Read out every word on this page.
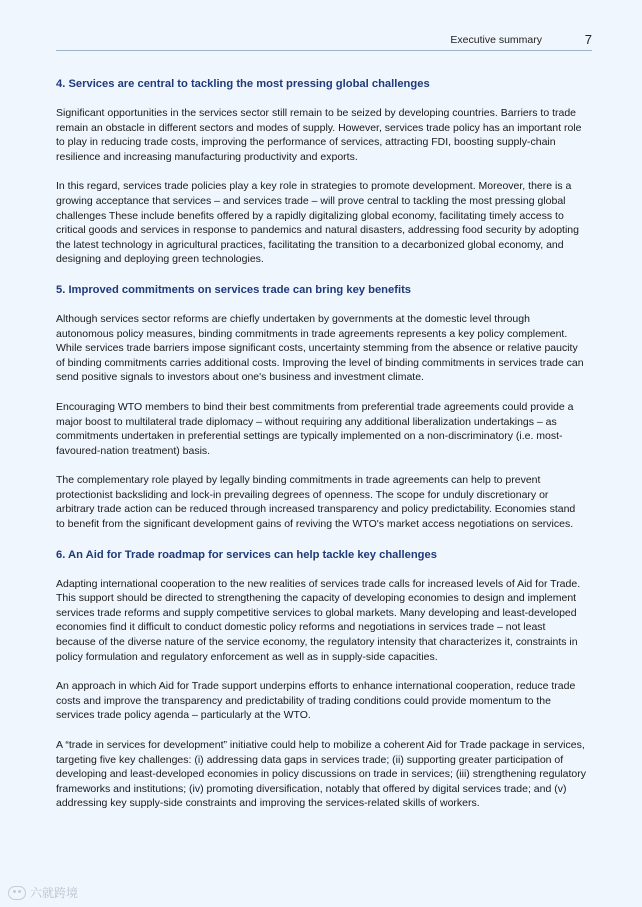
Executive summary	7
4. Services are central to tackling the most pressing global challenges

Significant opportunities in the services sector still remain to be seized by developing countries. Barriers to trade remain an obstacle in different sectors and modes of supply. However, services trade policy has an important role to play in reducing trade costs, improving the performance of services, attracting FDI, boosting supply-chain resilience and increasing manufacturing productivity and exports.

In this regard, services trade policies play a key role in strategies to promote development. Moreover, there is a growing acceptance that services – and services trade – will prove central to tackling the most pressing global challenges These include benefits offered by a rapidly digitalizing global economy, facilitating timely access to critical goods and services in response to pandemics and natural disasters, addressing food security by adopting the latest technology in agricultural practices, facilitating the transition to a decarbonized global economy, and designing and deploying green technologies.

5. Improved commitments on services trade can bring key benefits

Although services sector reforms are chiefly undertaken by governments at the domestic level through autonomous policy measures, binding commitments in trade agreements represents a key policy complement. While services trade barriers impose significant costs, uncertainty stemming from the absence or relative paucity of binding commitments carries additional costs. Improving the level of binding commitments in services trade can send positive signals to investors about one's business and investment climate.

Encouraging WTO members to bind their best commitments from preferential trade agreements could provide a major boost to multilateral trade diplomacy – without requiring any additional liberalization undertakings – as commitments undertaken in preferential settings are typically implemented on a non-discriminatory (i.e. most-favoured-nation treatment) basis.

The complementary role played by legally binding commitments in trade agreements can help to prevent protectionist backsliding and lock-in prevailing degrees of openness. The scope for unduly discretionary or arbitrary trade action can be reduced through increased transparency and policy predictability. Economies stand to benefit from the significant development gains of reviving the WTO's market access negotiations on services.

6. An Aid for Trade roadmap for services can help tackle key challenges

Adapting international cooperation to the new realities of services trade calls for increased levels of Aid for Trade. This support should be directed to strengthening the capacity of developing economies to design and implement services trade reforms and supply competitive services to global markets. Many developing and least-developed economies find it difficult to conduct domestic policy reforms and negotiations in services trade – not least because of the diverse nature of the service economy, the regulatory intensity that characterizes it, constraints in policy formulation and regulatory enforcement as well as in supply-side capacities.

An approach in which Aid for Trade support underpins efforts to enhance international cooperation, reduce trade costs and improve the transparency and predictability of trading conditions could provide momentum to the services trade policy agenda – particularly at the WTO.

A “trade in services for development” initiative could help to mobilize a coherent Aid for Trade package in services, targeting five key challenges: (i) addressing data gaps in services trade; (ii) supporting greater participation of developing and least-developed economies in policy discussions on trade in services; (iii) strengthening regulatory frameworks and institutions; (iv) promoting diversification, notably that offered by digital services trade; and (v) addressing key supply-side constraints and improving the services-related skills of workers.

六就跨境
